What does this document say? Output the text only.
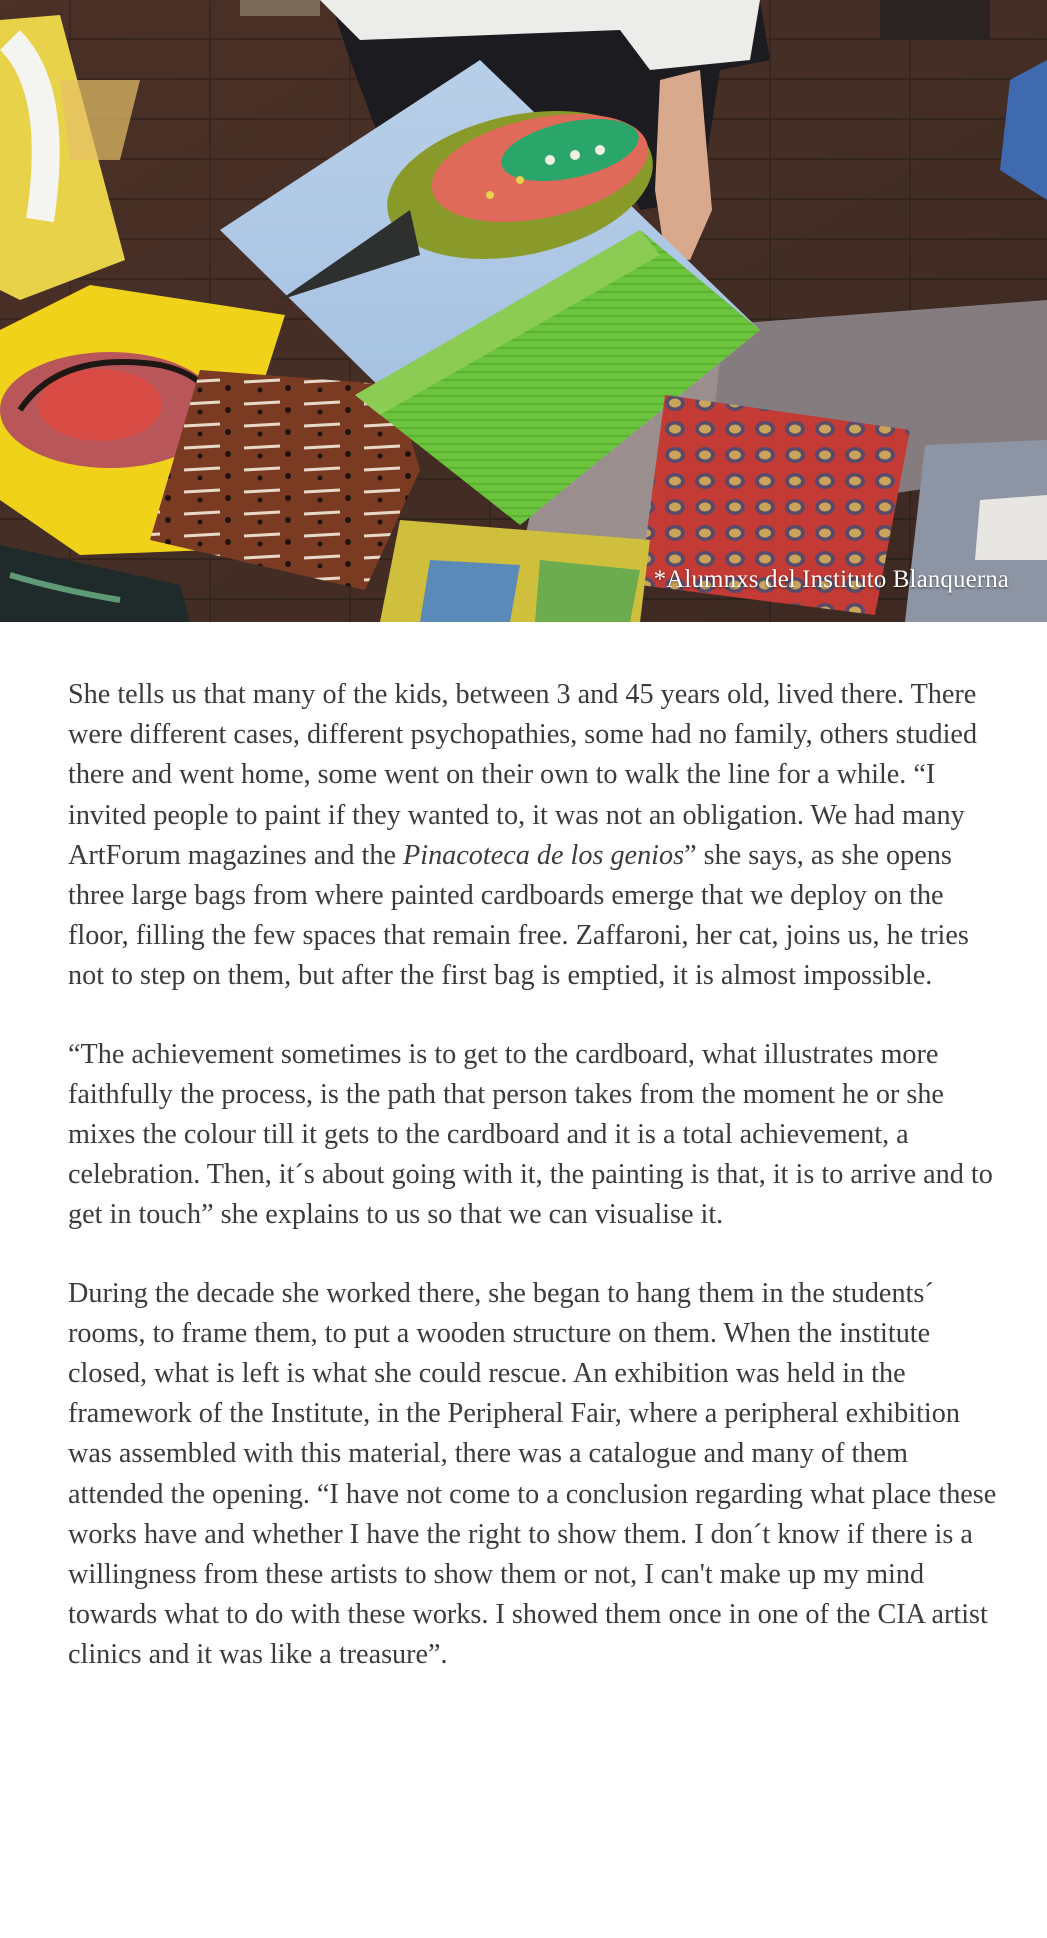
*Alumnxs del Instituto Blanquerna

She tells us that many of the kids, between 3 and 45 years old, lived there. There were different cases, different psychopathies, some had no family, others studied there and went home, some went on their own to walk the line for a while. “I invited people to paint if they wanted to, it was not an obligation. We had many ArtForum magazines and the Pinacoteca de los genios” she says, as she opens three large bags from where painted cardboards emerge that we deploy on the floor, filling the few spaces that remain free. Zaffaroni, her cat, joins us, he tries not to step on them, but after the first bag is emptied, it is almost impossible.

“The achievement sometimes is to get to the cardboard, what illustrates more faithfully the process, is the path that person takes from the moment he or she mixes the colour till it gets to the cardboard and it is a total achievement, a celebration. Then, it´s about going with it, the painting is that, it is to arrive and to get in touch” she explains to us so that we can visualise it.

During the decade she worked there, she began to hang them in the students´ rooms, to frame them, to put a wooden structure on them. When the institute closed, what is left is what she could rescue. An exhibition was held in the framework of the Institute, in the Peripheral Fair, where a peripheral exhibition was assembled with this material, there was a catalogue and many of them attended the opening. “I have not come to a conclusion regarding what place these works have and whether I have the right to show them. I don´t know if there is a willingness from these artists to show them or not, I can't make up my mind towards what to do with these works. I showed them once in one of the CIA artist clinics and it was like a treasure”.
